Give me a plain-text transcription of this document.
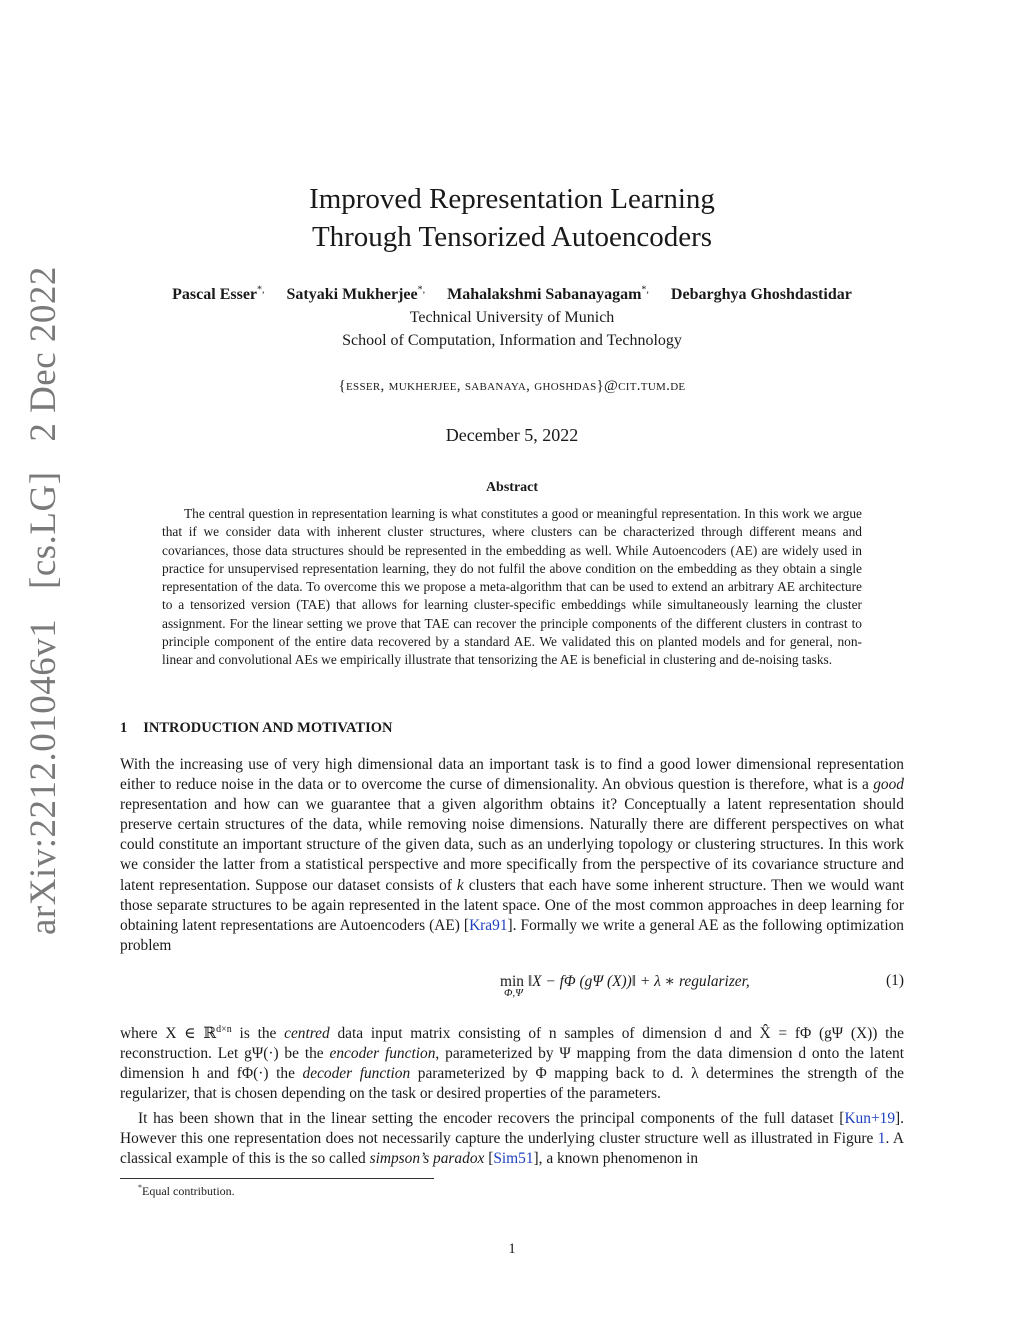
arXiv:2212.01046v1 [cs.LG] 2 Dec 2022
Improved Representation Learning
Through Tensorized Autoencoders
Pascal Esser*, Satyaki Mukherjee*, Mahalakshmi Sabanayagam*, Debarghya Ghoshdastidar
Technical University of Munich
School of Computation, Information and Technology
{esser, mukherjee, sabanaya, ghoshdas}@cit.tum.de
December 5, 2022
Abstract
The central question in representation learning is what constitutes a good or meaningful representation. In this work we argue that if we consider data with inherent cluster structures, where clusters can be characterized through different means and covariances, those data structures should be represented in the embedding as well. While Autoencoders (AE) are widely used in practice for unsupervised representation learning, they do not fulfil the above condition on the embedding as they obtain a single representation of the data. To overcome this we propose a meta-algorithm that can be used to extend an arbitrary AE architecture to a tensorized version (TAE) that allows for learning cluster-specific embeddings while simultaneously learning the cluster assignment. For the linear setting we prove that TAE can recover the principle components of the different clusters in contrast to principle component of the entire data recovered by a standard AE. We validated this on planted models and for general, non-linear and convolutional AEs we empirically illustrate that tensorizing the AE is beneficial in clustering and de-noising tasks.
1 INTRODUCTION AND MOTIVATION
With the increasing use of very high dimensional data an important task is to find a good lower dimensional representation either to reduce noise in the data or to overcome the curse of dimensionality. An obvious question is therefore, what is a good representation and how can we guarantee that a given algorithm obtains it? Conceptually a latent representation should preserve certain structures of the data, while removing noise dimensions. Naturally there are different perspectives on what could constitute an important structure of the given data, such as an underlying topology or clustering structures. In this work we consider the latter from a statistical perspective and more specifically from the perspective of its covariance structure and latent representation. Suppose our dataset consists of k clusters that each have some inherent structure. Then we would want those separate structures to be again represented in the latent space. One of the most common approaches in deep learning for obtaining latent representations are Autoencoders (AE) [Kra91]. Formally we write a general AE as the following optimization problem
min
Φ,Ψ
‖X − fΦ (gΨ (X))‖ + λ ∗ regularizer,	(1)
where X ∈ ℝ$^{d\times n}$ is the centred data input matrix consisting of n samples of dimension d and X̂ = fΦ (gΨ (X)) the reconstruction. Let gΨ(·) be the encoder function, parameterized by Ψ mapping from the data dimension d onto the latent dimension h and fΦ(·) the decoder function parameterized by Φ mapping back to d. λ determines the strength of the regularizer, that is chosen depending on the task or desired properties of the parameters.
It has been shown that in the linear setting the encoder recovers the principal components of the full dataset [Kun+19]. However this one representation does not necessarily capture the underlying cluster structure well as illustrated in Figure 1. A classical example of this is the so called simpson’s paradox [Sim51], a known phenomenon in
*Equal contribution.
1
